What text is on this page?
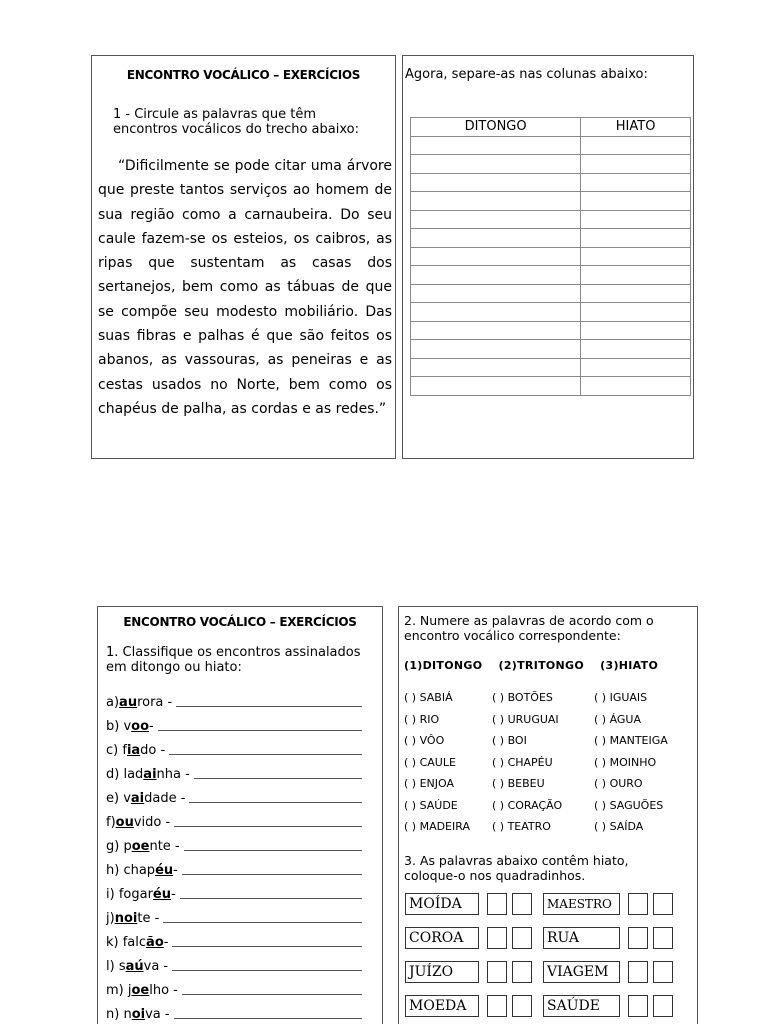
ENCONTRO VOCÁLICO – EXERCÍCIOS
1 - Circule as palavras que têm
encontros vocálicos do trecho abaixo:

“Dificilmente se pode citar uma árvore que preste tantos serviços ao homem de sua região como a carnaubeira. Do seu caule fazem-se os esteios, os caibros, as ripas que sustentam as casas dos sertanejos, bem como as tábuas de que se compõe seu modesto mobiliário. Das suas fibras e palhas é que são feitos os abanos, as vassouras, as peneiras e as cestas usados no Norte, bem como os chapéus de palha, as cordas e as redes.”

Agora, separe-as nas colunas abaixo:
DITONGO	HIATO

ENCONTRO VOCÁLICO – EXERCÍCIOS
1. Classifique os encontros assinalados
em ditongo ou hiato:
a) au rora -
b) v oo -
c) f ia do -
d) lad ai nha -
e) v ai dade -
f) ou vido -
g) p oe nte -
h) chap éu -
i) fogar éu -
j) noi te -
k) falc ão -
l) s aú va -
m) j oe lho -
n) n oi va -
2. Numere as palavras de acordo com o
encontro vocálico correspondente:
(1)DITONGO (2)TRITONGO (3)HIATO
( ) SABIÁ	( ) BOTÕES	( ) IGUAIS
( ) RIO	( ) URUGUAI	( ) ÁGUA
( ) VÔO	( ) BOI	( ) MANTEIGA
( ) CAULE	( ) CHAPÉU	( ) MOINHO
( ) ENJOA	( ) BEBEU	( ) OURO
( ) SAÚDE	( ) CORAÇÃO	( ) SAGUÕES
( ) MADEIRA	( ) TEATRO	( ) SAÍDA
3. As palavras abaixo contêm hiato,
coloque-o nos quadradinhos.
MOÍDA	MAESTRO
COROA	RUA
JUÍZO	VIAGEM
MOEDA	SAÚDE
